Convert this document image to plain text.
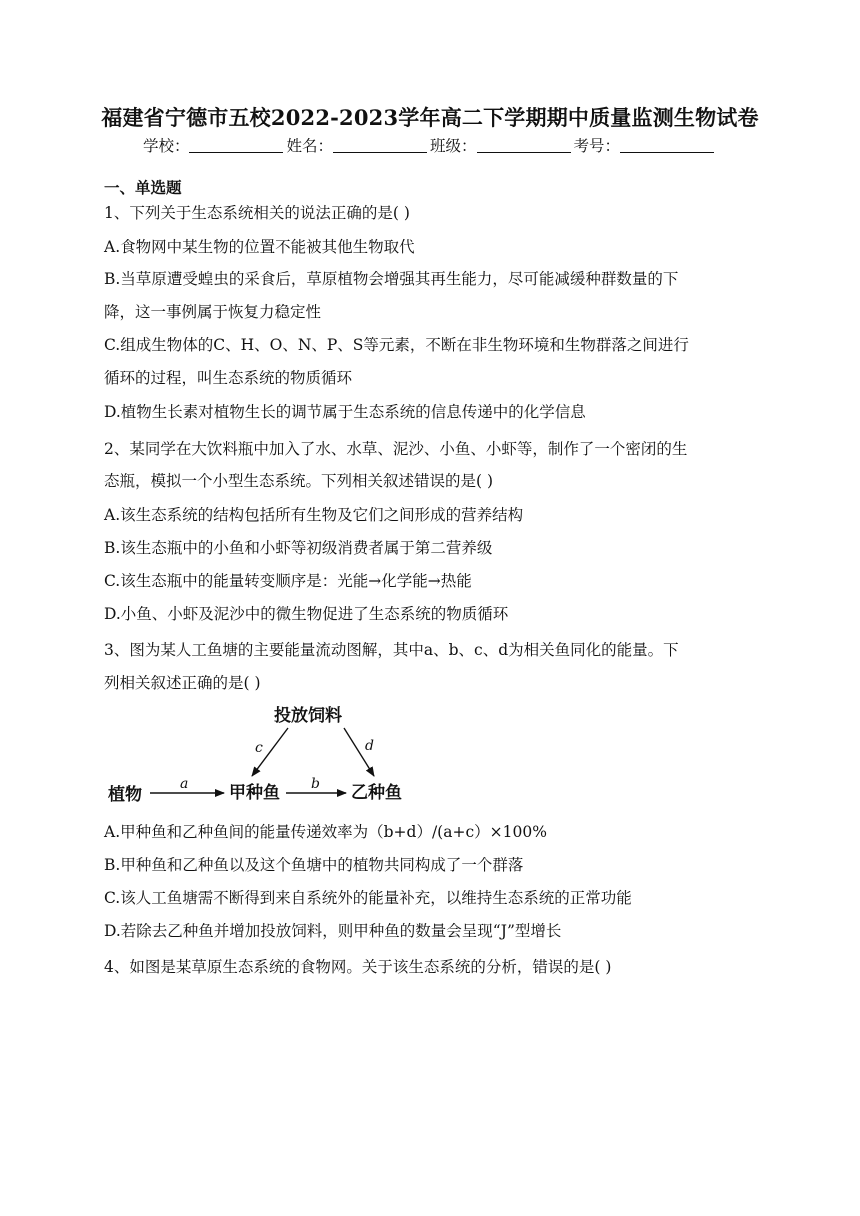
福建省宁德市五校2022-2023学年高二下学期期中质量监测生物试卷
学校：	姓名：	班级：	考号：
一、单选题
1、下列关于生态系统相关的说法正确的是( )
A.食物网中某生物的位置不能被其他生物取代
B.当草原遭受蝗虫的采食后，草原植物会增强其再生能力，尽可能减缓种群数量的下
降，这一事例属于恢复力稳定性
C.组成生物体的C、H、O、N、P、S等元素，不断在非生物环境和生物群落之间进行
循环的过程，叫生态系统的物质循环
D.植物生长素对植物生长的调节属于生态系统的信息传递中的化学信息
2、某同学在大饮料瓶中加入了水、水草、泥沙、小鱼、小虾等，制作了一个密闭的生
态瓶，模拟一个小型生态系统。下列相关叙述错误的是( )
A.该生态系统的结构包括所有生物及它们之间形成的营养结构
B.该生态瓶中的小鱼和小虾等初级消费者属于第二营养级
C.该生态瓶中的能量转变顺序是：光能→化学能→热能
D.小鱼、小虾及泥沙中的微生物促进了生态系统的物质循环
3、图为某人工鱼塘的主要能量流动图解，其中a、b、c、d为相关鱼同化的能量。下
列相关叙述正确的是( )
投放饲料
植物	甲种鱼	乙种鱼
a	b
c	d
A.甲种鱼和乙种鱼间的能量传递效率为（b+d）/(a+c）×100%
B.甲种鱼和乙种鱼以及这个鱼塘中的植物共同构成了一个群落
C.该人工鱼塘需不断得到来自系统外的能量补充，以维持生态系统的正常功能
D.若除去乙种鱼并增加投放饲料，则甲种鱼的数量会呈现“J”型增长
4、如图是某草原生态系统的食物网。关于该生态系统的分析，错误的是( )
